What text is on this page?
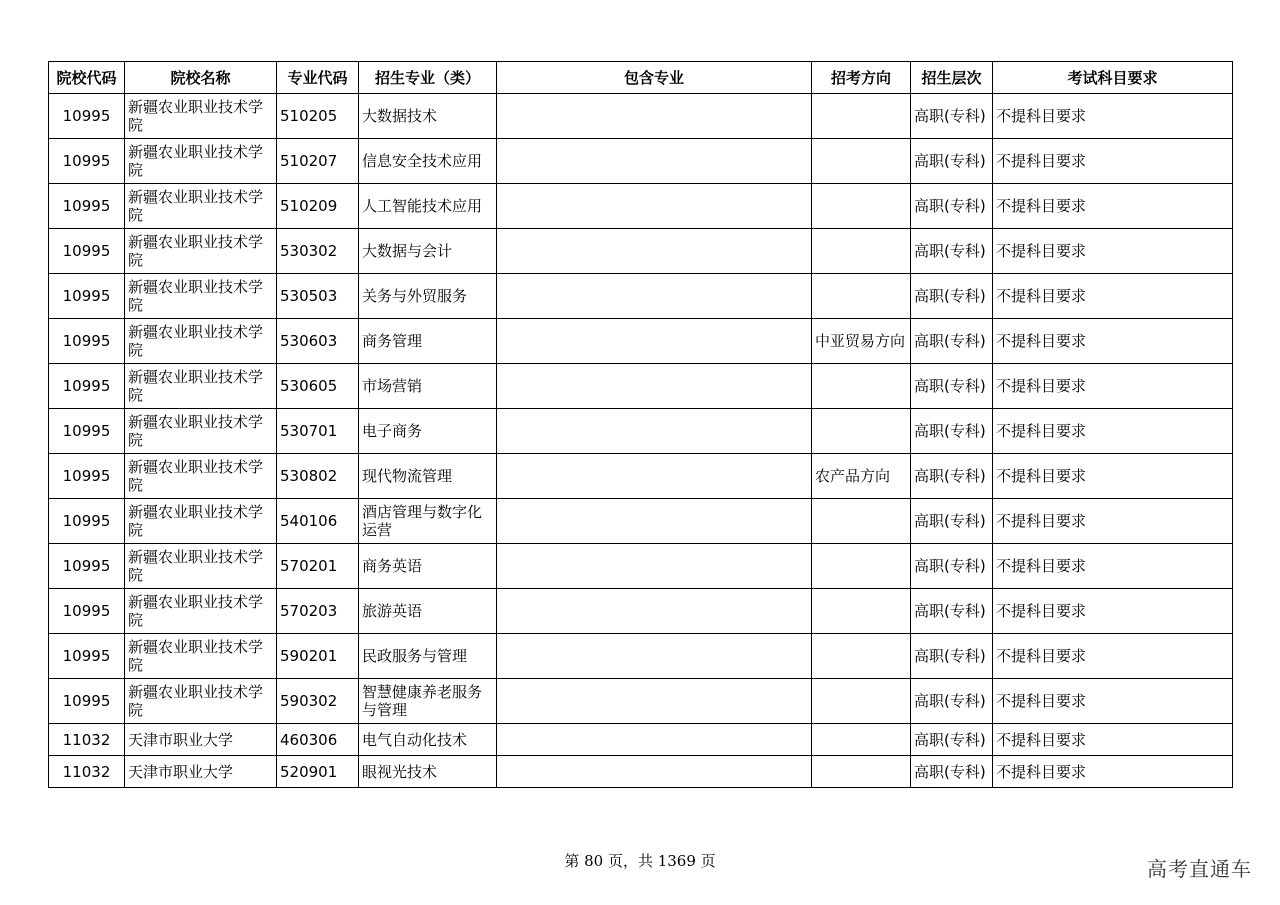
院校代码	院校名称	专业代码	招生专业（类）	包含专业	招考方向	招生层次	考试科目要求
10995	新疆农业职业技术学院	510205	大数据技术			高职(专科)	不提科目要求
10995	新疆农业职业技术学院	510207	信息安全技术应用			高职(专科)	不提科目要求
10995	新疆农业职业技术学院	510209	人工智能技术应用			高职(专科)	不提科目要求
10995	新疆农业职业技术学院	530302	大数据与会计			高职(专科)	不提科目要求
10995	新疆农业职业技术学院	530503	关务与外贸服务			高职(专科)	不提科目要求
10995	新疆农业职业技术学院	530603	商务管理		中亚贸易方向	高职(专科)	不提科目要求
10995	新疆农业职业技术学院	530605	市场营销			高职(专科)	不提科目要求
10995	新疆农业职业技术学院	530701	电子商务			高职(专科)	不提科目要求
10995	新疆农业职业技术学院	530802	现代物流管理		农产品方向	高职(专科)	不提科目要求
10995	新疆农业职业技术学院	540106	酒店管理与数字化运营			高职(专科)	不提科目要求
10995	新疆农业职业技术学院	570201	商务英语			高职(专科)	不提科目要求
10995	新疆农业职业技术学院	570203	旅游英语			高职(专科)	不提科目要求
10995	新疆农业职业技术学院	590201	民政服务与管理			高职(专科)	不提科目要求
10995	新疆农业职业技术学院	590302	智慧健康养老服务与管理			高职(专科)	不提科目要求
11032	天津市职业大学	460306	电气自动化技术			高职(专科)	不提科目要求
11032	天津市职业大学	520901	眼视光技术			高职(专科)	不提科目要求
第 80 页，共 1369 页	高考直通车
